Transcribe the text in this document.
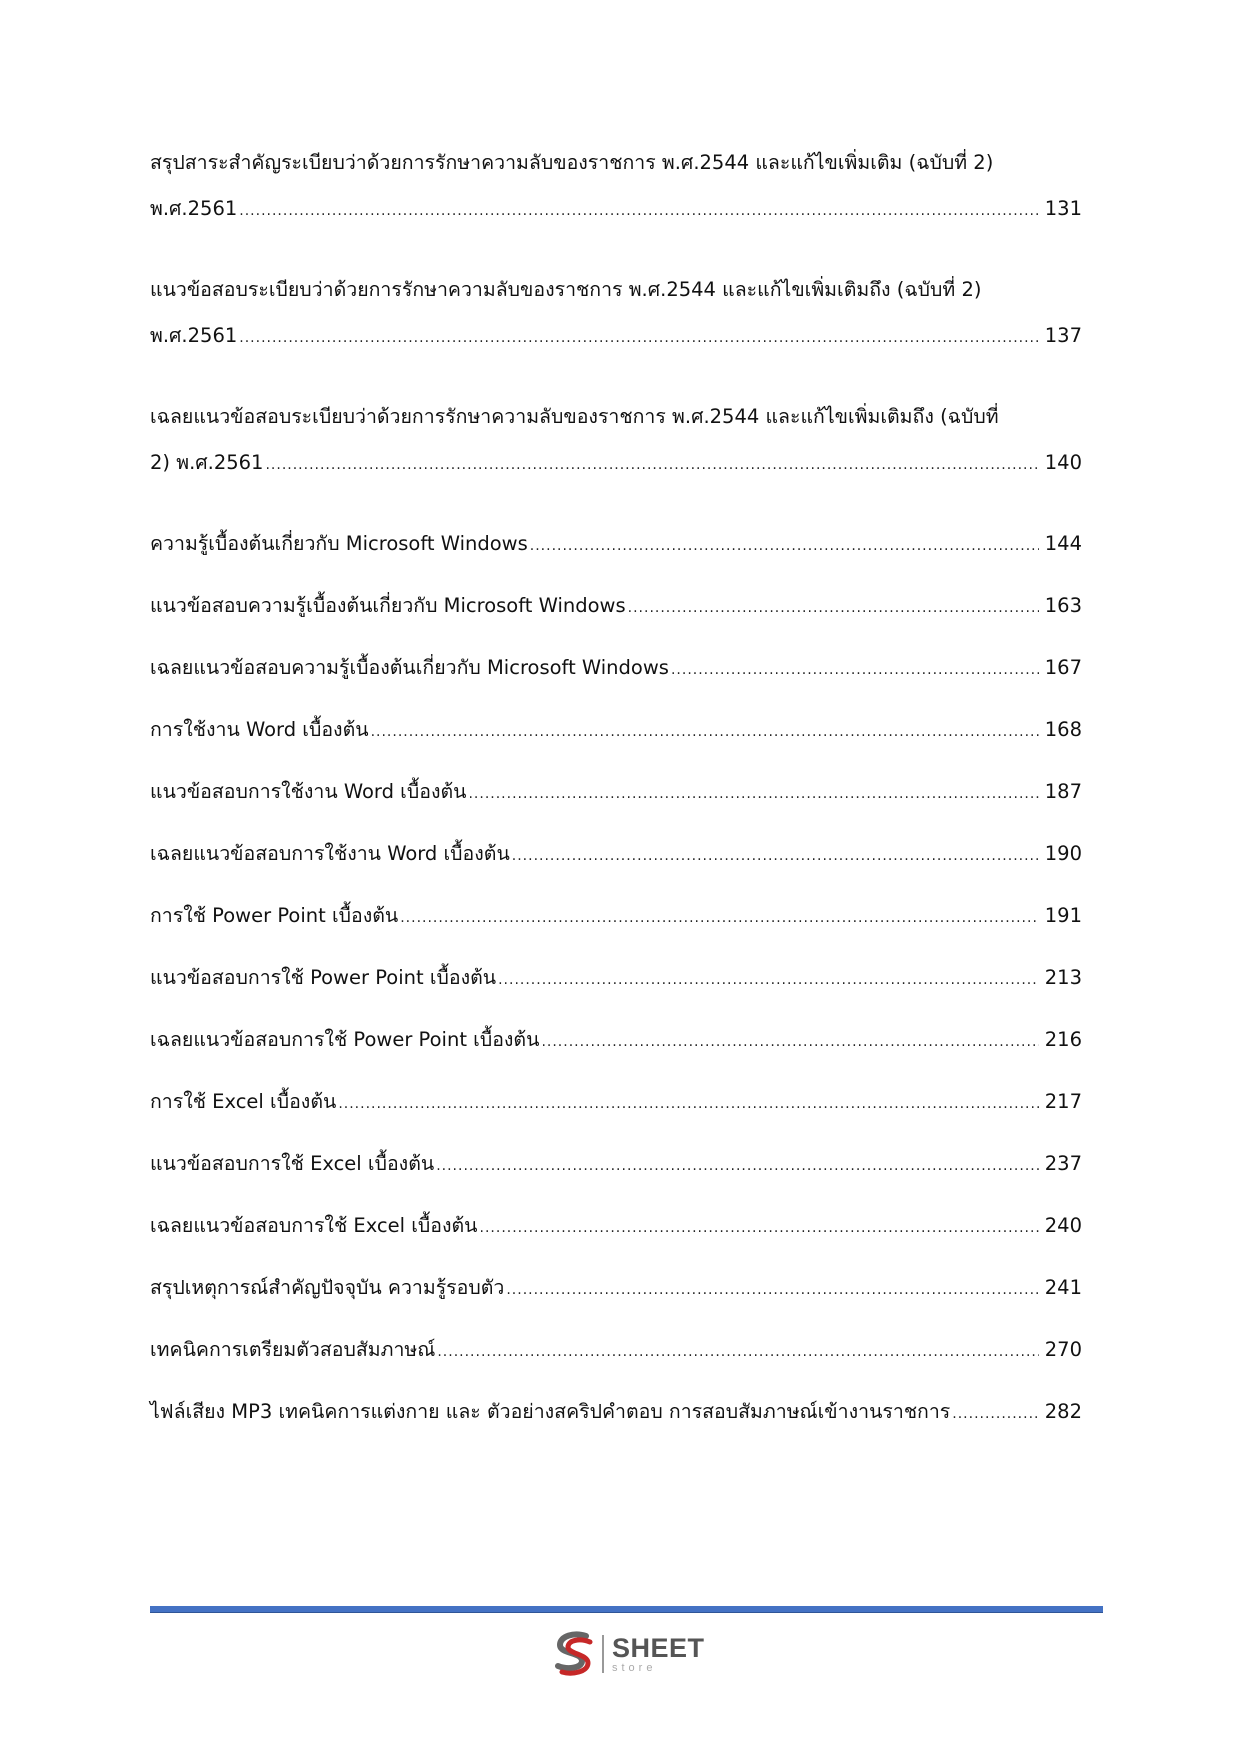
สรุปสาระสำคัญระเบียบว่าด้วยการรักษาความลับของราชการ พ.ศ.2544 และแก้ไขเพิ่มเติม (ฉบับที่ 2)
พ.ศ.2561 .....	131
แนวข้อสอบระเบียบว่าด้วยการรักษาความลับของราชการ พ.ศ.2544 และแก้ไขเพิ่มเติมถึง (ฉบับที่ 2)
พ.ศ.2561 .....	137
เฉลยแนวข้อสอบระเบียบว่าด้วยการรักษาความลับของราชการ พ.ศ.2544 และแก้ไขเพิ่มเติมถึง (ฉบับที่
2) พ.ศ.2561 .....	140
ความรู้เบื้องต้นเกี่ยวกับ Microsoft Windows .....	144
แนวข้อสอบความรู้เบื้องต้นเกี่ยวกับ Microsoft Windows .....	163
เฉลยแนวข้อสอบความรู้เบื้องต้นเกี่ยวกับ Microsoft Windows .....	167
การใช้งาน Word เบื้องต้น .....	168
แนวข้อสอบการใช้งาน Word เบื้องต้น .....	187
เฉลยแนวข้อสอบการใช้งาน Word เบื้องต้น .....	190
การใช้ Power Point เบื้องต้น .....	191
แนวข้อสอบการใช้ Power Point เบื้องต้น .....	213
เฉลยแนวข้อสอบการใช้ Power Point เบื้องต้น .....	216
การใช้ Excel เบื้องต้น .....	217
แนวข้อสอบการใช้ Excel เบื้องต้น .....	237
เฉลยแนวข้อสอบการใช้ Excel เบื้องต้น .....	240
สรุปเหตุการณ์สำคัญปัจจุบัน ความรู้รอบตัว .....	241
เทคนิคการเตรียมตัวสอบสัมภาษณ์ .....	270
ไฟล์เสียง MP3 เทคนิคการแต่งกาย และ ตัวอย่างสคริปคำตอบ การสอบสัมภาษณ์เข้างานราชการ .....	282
SHEET
store
